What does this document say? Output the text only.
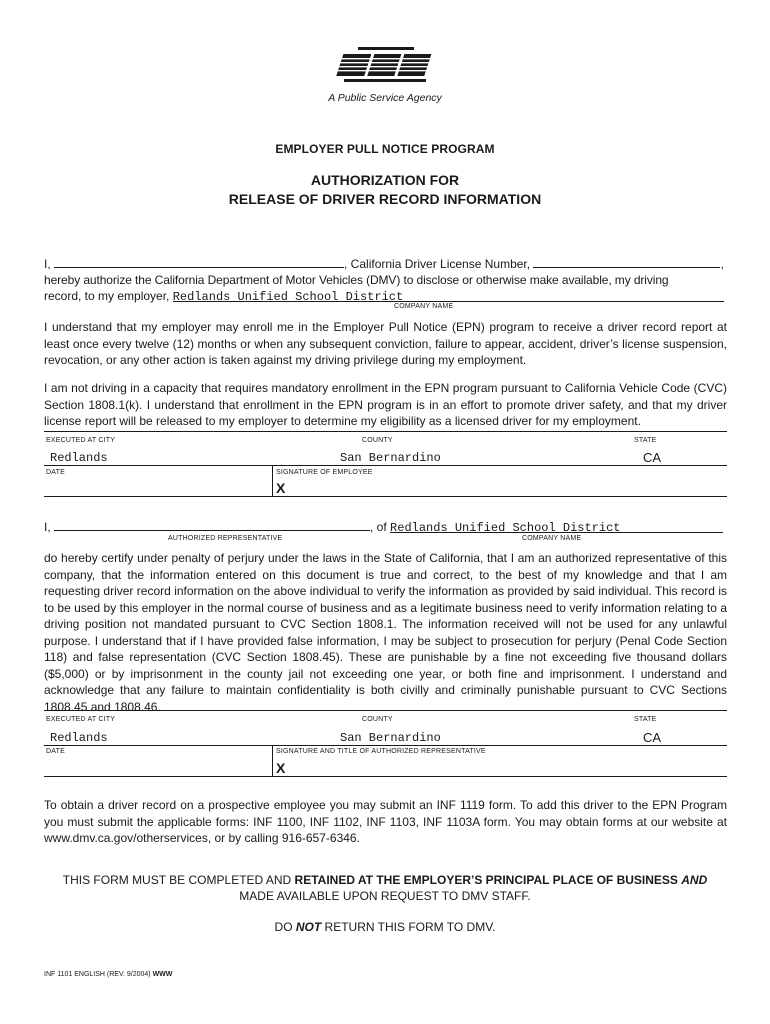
A Public Service Agency
EMPLOYER PULL NOTICE PROGRAM
AUTHORIZATION FOR
RELEASE OF DRIVER RECORD INFORMATION
I,	, California Driver License Number,	,
hereby authorize the California Department of Motor Vehicles (DMV) to disclose or otherwise make available, my driving
record, to my employer, Redlands Unified School District
COMPANY NAME
I understand that my employer may enroll me in the Employer Pull Notice (EPN) program to receive a driver record report at least once every twelve (12) months or when any subsequent conviction, failure to appear, accident, driver’s license suspension, revocation, or any other action is taken against my driving privilege during my employment.
I am not driving in a capacity that requires mandatory enrollment in the EPN program pursuant to California Vehicle Code (CVC) Section 1808.1(k). I understand that enrollment in the EPN program is in an effort to promote driver safety, and that my driver license report will be released to my employer to determine my eligibility as a licensed driver for my employment.
EXECUTED AT CITY	COUNTY	STATE
Redlands	San Bernardino	CA
DATE	SIGNATURE OF EMPLOYEE
X
I,	, of Redlands Unified School District
AUTHORIZED REPRESENTATIVE	COMPANY NAME
do hereby certify under penalty of perjury under the laws in the State of California, that I am an authorized representative of this company, that the information entered on this document is true and correct, to the best of my knowledge and that I am requesting driver record information on the above individual to verify the information as provided by said individual. This record is to be used by this employer in the normal course of business and as a legitimate business need to verify information relating to a driving position not mandated pursuant to CVC Section 1808.1. The information received will not be used for any unlawful purpose. I understand that if I have provided false information, I may be subject to prosecution for perjury (Penal Code Section 118) and false representation (CVC Section 1808.45). These are punishable by a fine not exceeding five thousand dollars ($5,000) or by imprisonment in the county jail not exceeding one year, or both fine and imprisonment. I understand and acknowledge that any failure to maintain confidentiality is both civilly and criminally punishable pursuant to CVC Sections 1808.45 and 1808.46.
EXECUTED AT CITY	COUNTY	STATE
Redlands	San Bernardino	CA
DATE	SIGNATURE AND TITLE OF AUTHORIZED REPRESENTATIVE
X
To obtain a driver record on a prospective employee you may submit an INF 1119 form. To add this driver to the EPN Program you must submit the applicable forms: INF 1100, INF 1102, INF 1103, INF 1103A form. You may obtain forms at our website at www.dmv.ca.gov/otherservices, or by calling 916-657-6346.
THIS FORM MUST BE COMPLETED AND RETAINED AT THE EMPLOYER’S PRINCIPAL PLACE OF BUSINESS AND
MADE AVAILABLE UPON REQUEST TO DMV STAFF.
DO NOT RETURN THIS FORM TO DMV.
INF 1101 ENGLISH (REV. 9/2004) WWW
